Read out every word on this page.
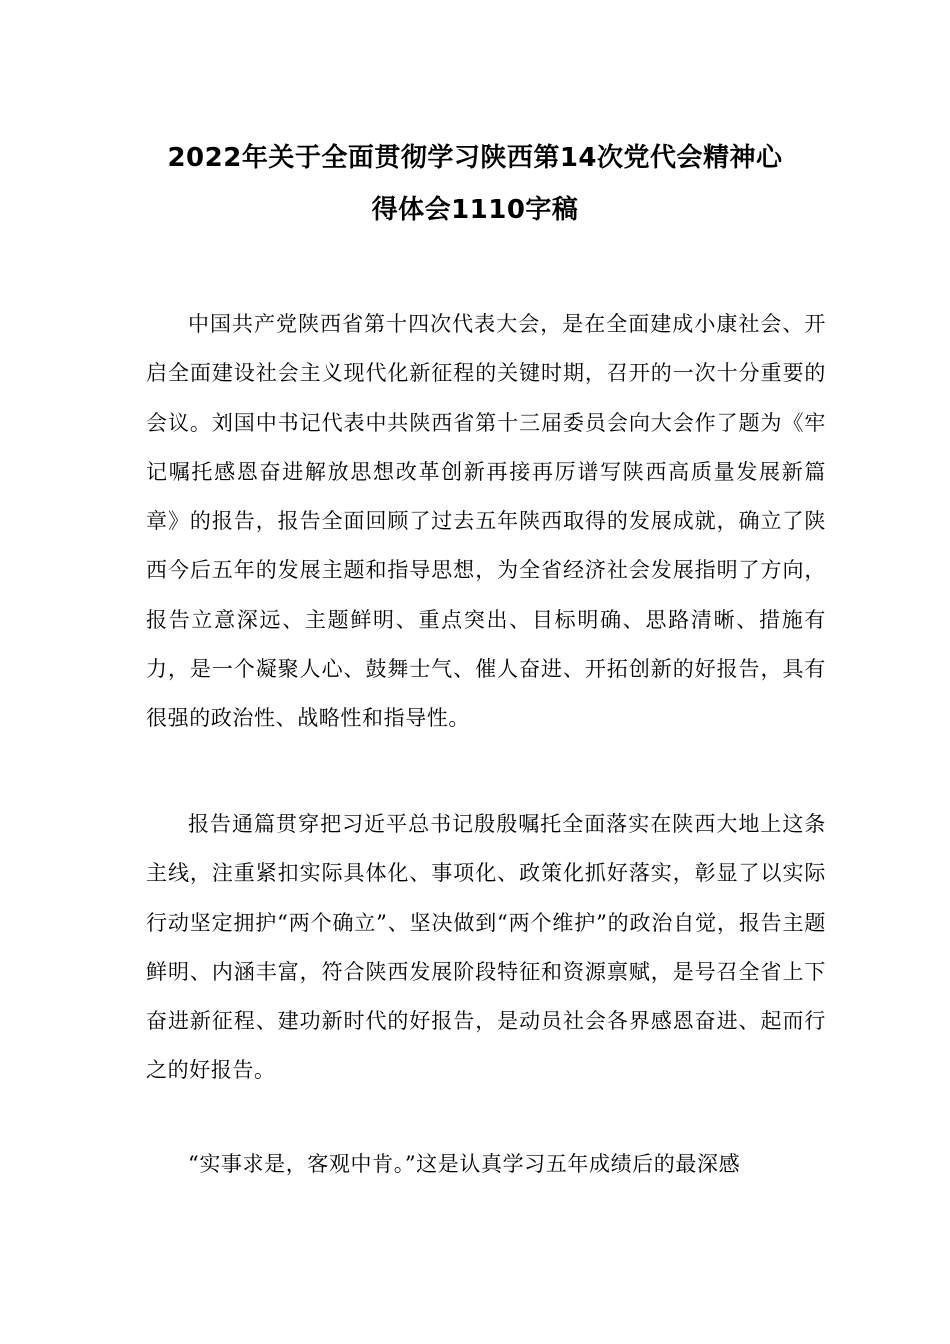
2022年关于全面贯彻学习陕西第14次党代会精神心
得体会1110字稿

中国共产党陕西省第十四次代表大会，是在全面建成小康社会、开启全面建设社会主义现代化新征程的关键时期，召开的一次十分重要的会议。刘国中书记代表中共陕西省第十三届委员会向大会作了题为《牢记嘱托感恩奋进解放思想改革创新再接再厉谱写陕西高质量发展新篇章》的报告，报告全面回顾了过去五年陕西取得的发展成就，确立了陕西今后五年的发展主题和指导思想，为全省经济社会发展指明了方向，报告立意深远、主题鲜明、重点突出、目标明确、思路清晰、措施有力，是一个凝聚人心、鼓舞士气、催人奋进、开拓创新的好报告，具有很强的政治性、战略性和指导性。

报告通篇贯穿把习近平总书记殷殷嘱托全面落实在陕西大地上这条主线，注重紧扣实际具体化、事项化、政策化抓好落实，彰显了以实际行动坚定拥护“两个确立”、坚决做到“两个维护”的政治自觉，报告主题鲜明、内涵丰富，符合陕西发展阶段特征和资源禀赋，是号召全省上下奋进新征程、建功新时代的好报告，是动员社会各界感恩奋进、起而行之的好报告。

“实事求是，客观中肯。”这是认真学习五年成绩后的最深感
